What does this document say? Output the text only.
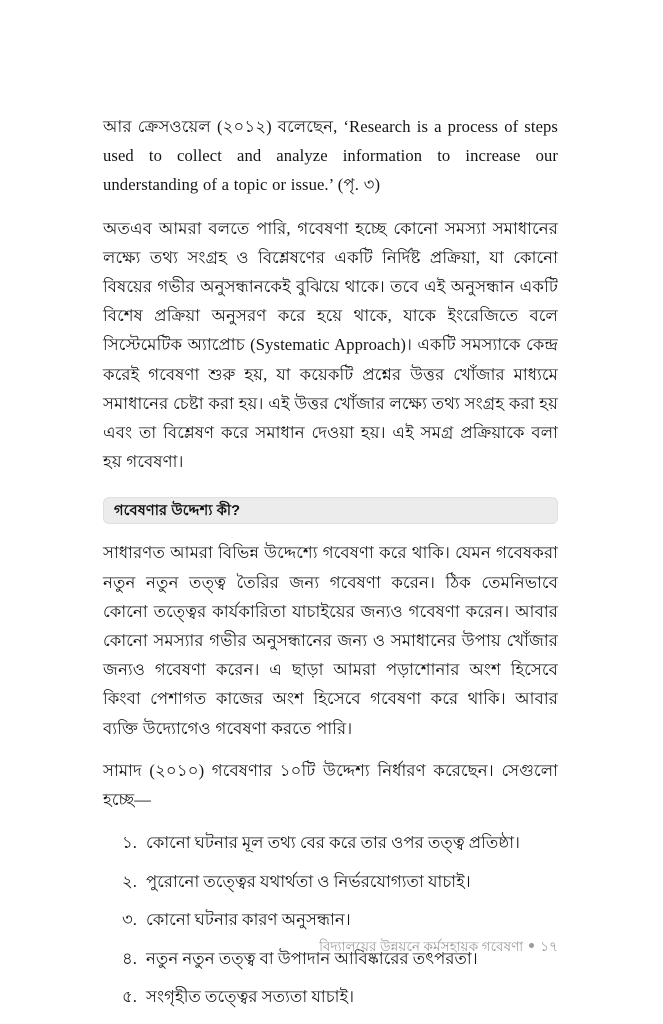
আর ক্রেসওয়েল (২০১২) বলেছেন, ‘Research is a process of steps used to collect and analyze information to increase our understanding of a topic or issue.’ (পৃ. ৩)

অতএব আমরা বলতে পারি, গবেষণা হচ্ছে কোনো সমস্যা সমাধানের লক্ষ্যে তথ্য সংগ্রহ ও বিশ্লেষণের একটি নির্দিষ্ট প্রক্রিয়া, যা কোনো বিষয়ের গভীর অনুসন্ধানকেই বুঝিয়ে থাকে। তবে এই অনুসন্ধান একটি বিশেষ প্রক্রিয়া অনুসরণ করে হয়ে থাকে, যাকে ইংরেজিতে বলে সিস্টেমেটিক অ্যাপ্রোচ (Systematic Approach)। একটি সমস্যাকে কেন্দ্র করেই গবেষণা শুরু হয়, যা কয়েকটি প্রশ্নের উত্তর খোঁজার মাধ্যমে সমাধানের চেষ্টা করা হয়। এই উত্তর খোঁজার লক্ষ্যে তথ্য সংগ্রহ করা হয় এবং তা বিশ্লেষণ করে সমাধান দেওয়া হয়। এই সমগ্র প্রক্রিয়াকে বলা হয় গবেষণা।

গবেষণার উদ্দেশ্য কী?

সাধারণত আমরা বিভিন্ন উদ্দেশ্যে গবেষণা করে থাকি। যেমন গবেষকরা নতুন নতুন তত্ত্ব তৈরির জন্য গবেষণা করেন। ঠিক তেমনিভাবে কোনো তত্ত্বের কার্যকারিতা যাচাইয়ের জন্যও গবেষণা করেন। আবার কোনো সমস্যার গভীর অনুসন্ধানের জন্য ও সমাধানের উপায় খোঁজার জন্যও গবেষণা করেন। এ ছাড়া আমরা পড়াশোনার অংশ হিসেবে কিংবা পেশাগত কাজের অংশ হিসেবে গবেষণা করে থাকি। আবার ব্যক্তি উদ্যোগেও গবেষণা করতে পারি।

সামাদ (২০১০) গবেষণার ১০টি উদ্দেশ্য নির্ধারণ করেছেন। সেগুলো হচ্ছে—

১. কোনো ঘটনার মূল তথ্য বের করে তার ওপর তত্ত্ব প্রতিষ্ঠা।
২. পুরোনো তত্ত্বের যথার্থতা ও নির্ভরযোগ্যতা যাচাই।
৩. কোনো ঘটনার কারণ অনুসন্ধান।
৪. নতুন নতুন তত্ত্ব বা উপাদান আবিষ্কারের তৎপরতা।
৫. সংগৃহীত তত্ত্বের সত্যতা যাচাই।
বিদ্যালয়ের উন্নয়নে কর্মসহায়ক গবেষণা ১৭
